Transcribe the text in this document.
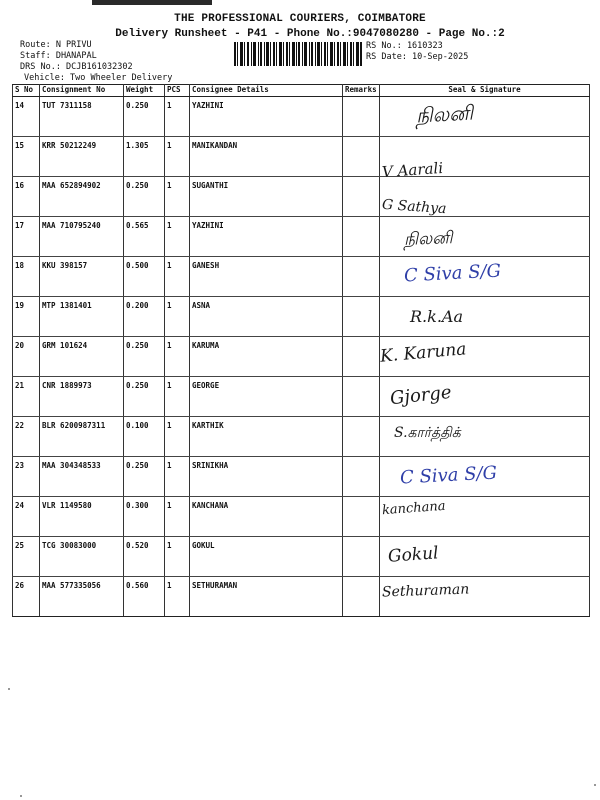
THE PROFESSIONAL COURIERS, COIMBATORE
Delivery Runsheet - P41 - Phone No.:9047080280 - Page No.:2
Route: N PRIVU
Staff: DHANAPAL
DRS No.: DCJB161032302
Vehicle: Two Wheeler Delivery
RS No.: 1610323
RS Date: 10-Sep-2025
S No	Consignment No	Weight	PCS	Consignee Details	Remarks	Seal & Signature
14	TUT 7311158	0.250	1	YAZHINI		நிலனி

15	KRR 50212249	1.305	1	MANIKANDAN		V Aarali

16	MAA 652894902	0.250	1	SUGANTHI		G Sathya

17	MAA 710795240	0.565	1	YAZHINI		நிலனி

18	KKU 398157	0.500	1	GANESH		C Siva S/G

19	MTP 1381401	0.200	1	ASNA		R.k.Aa

20	GRM 101624	0.250	1	KARUMA		K. Karuna

21	CNR 1889973	0.250	1	GEORGE		Gjorge

22	BLR 6200987311	0.100	1	KARTHIK		S.கார்த்திக்

23	MAA 304348533	0.250	1	SRINIKHA		C Siva S/G

24	VLR 1149580	0.300	1	KANCHANA		kanchana

25	TCG 30083000	0.520	1	GOKUL		Gokul

26	MAA 577335056	0.560	1	SETHURAMAN		Sethuraman
